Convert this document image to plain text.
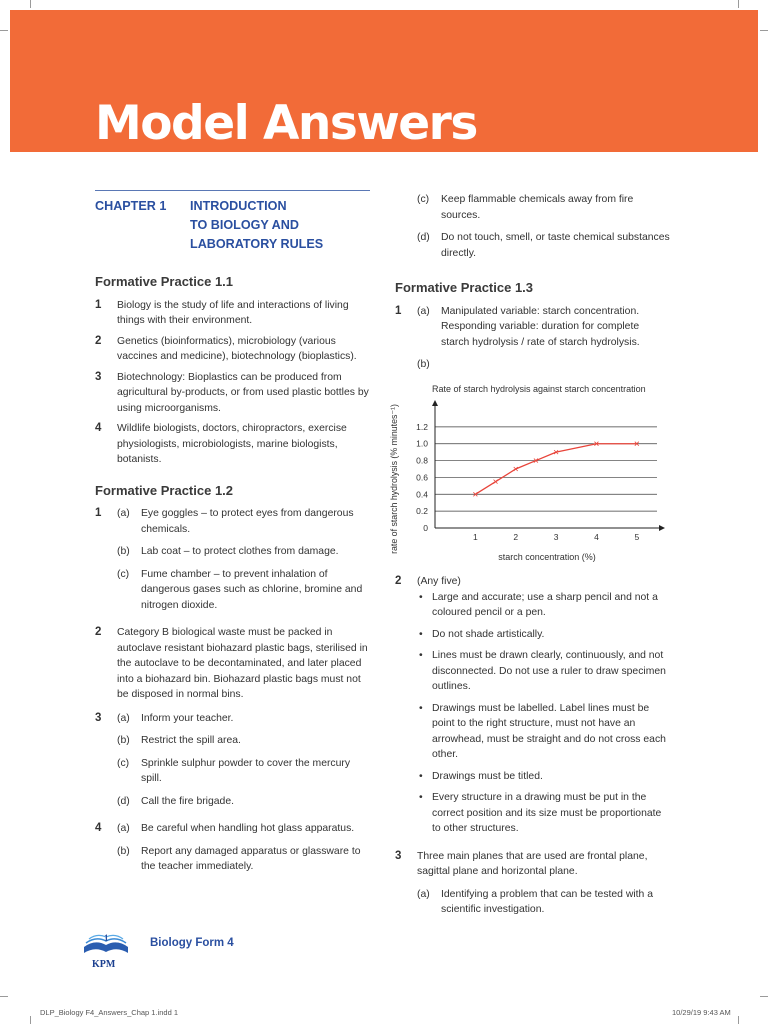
Model Answers
CHAPTER 1	INTRODUCTION
TO BIOLOGY AND
LABORATORY RULES
Formative Practice 1.1
1	Biology is the study of life and interactions of living things with their environment.
2	Genetics (bioinformatics), microbiology (various vaccines and medicine), biotechnology (bioplastics).
3	Biotechnology: Bioplastics can be produced from agricultural by-products, or from used plastic bottles by using microorganisms.
4	Wildlife biologists, doctors, chiropractors, exercise physiologists, microbiologists, marine biologists, botanists.
Formative Practice 1.2
1	(a)	Eye goggles – to protect eyes from dangerous chemicals.
(b)	Lab coat – to protect clothes from damage.
(c)	Fume chamber – to prevent inhalation of dangerous gases such as chlorine, bromine and nitrogen dioxide.
2	Category B biological waste must be packed in autoclave resistant biohazard plastic bags, sterilised in the autoclave to be decontaminated, and later placed into a biohazard bin. Biohazard plastic bags must not be disposed in normal bins.
3	(a)	Inform your teacher.
(b)	Restrict the spill area.
(c)	Sprinkle sulphur powder to cover the mercury spill.
(d)	Call the fire brigade.
4	(a)	Be careful when handling hot glass apparatus.
(b)	Report any damaged apparatus or glassware to the teacher immediately.
(c)	Keep flammable chemicals away from fire sources.
(d)	Do not touch, smell, or taste chemical substances directly.
Formative Practice 1.3
1	(a)	Manipulated variable: starch concentration.
Responding variable: duration for complete starch hydrolysis / rate of starch hydrolysis.
(b)
2	(Any five)
• Large and accurate; use a sharp pencil and not a coloured pencil or a pen.
• Do not shade artistically.
• Lines must be drawn clearly, continuously, and not disconnected. Do not use a ruler to draw specimen outlines.
• Drawings must be labelled. Label lines must be point to the right structure, must not have an arrowhead, must be straight and do not cross each other.
• Drawings must be titled.
• Every structure in a drawing must be put in the correct position and its size must be proportionate to other structures.
3	Three main planes that are used are frontal plane, sagittal plane and horizontal plane.
(a)	Identifying a problem that can be tested with a scientific investigation.
Rate of starch hydrolysis against starch concentration
rate of starch hydrolysis (% minutes⁻¹)
starch concentration (%)
0
0.2
0.4
0.6
0.8
1.0
1.2
1	2	3	4	5
1
KPM
Biology Form 4
DLP_Biology F4_Answers_Chap 1.indd 1	10/29/19 9:43 AM
